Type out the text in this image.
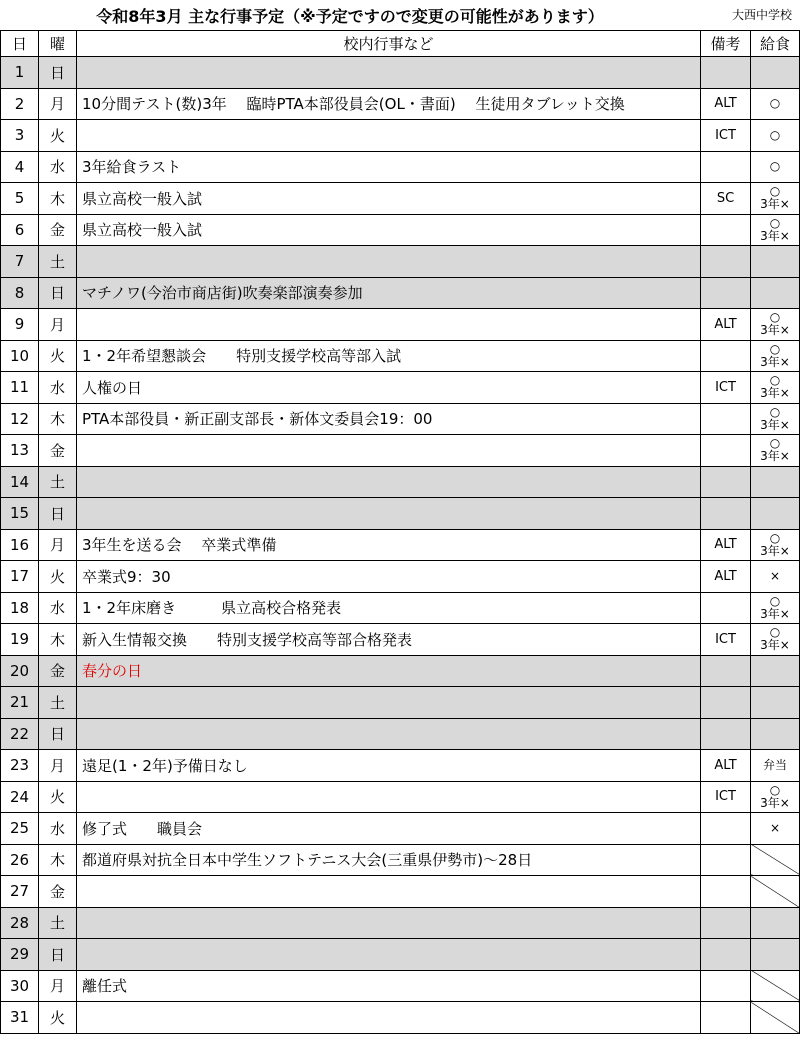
令和8年3月 主な行事予定（※予定ですので変更の可能性があります）	大西中学校
日	曜	校内行事など	備考	給食
1	日			
2	月	10分間テスト(数)3年　 臨時PTA本部役員会(OL・書面)　 生徒用タブレット交換	ALT	○
3	火		ICT	○
4	水	3年給食ラスト		○
5	木	県立高校一般入試	SC	○
3年×
6	金	県立高校一般入試		○
3年×
7	土			
8	日	マチノワ(今治市商店街)吹奏楽部演奏参加		
9	月		ALT	○
3年×
10	火	1・2年希望懇談会　　特別支援学校高等部入試		○
3年×
11	水	人権の日	ICT	○
3年×
12	木	PTA本部役員・新正副支部長・新体文委員会19：00		○
3年×
13	金			○
3年×
14	土			
15	日			
16	月	3年生を送る会　 卒業式準備	ALT	○
3年×
17	火	卒業式9：30	ALT	×
18	水	1・2年床磨き　　　県立高校合格発表		○
3年×
19	木	新入生情報交換　　特別支援学校高等部合格発表	ICT	○
3年×
20	金	春分の日		
21	土			
22	日			
23	月	遠足(1・2年)予備日なし	ALT	弁当
24	火		ICT	○
3年×
25	水	修了式　　職員会		×
26	木	都道府県対抗全日本中学生ソフトテニス大会(三重県伊勢市)～28日		
27	金			
28	土			
29	日			
30	月	離任式		
31	火			
